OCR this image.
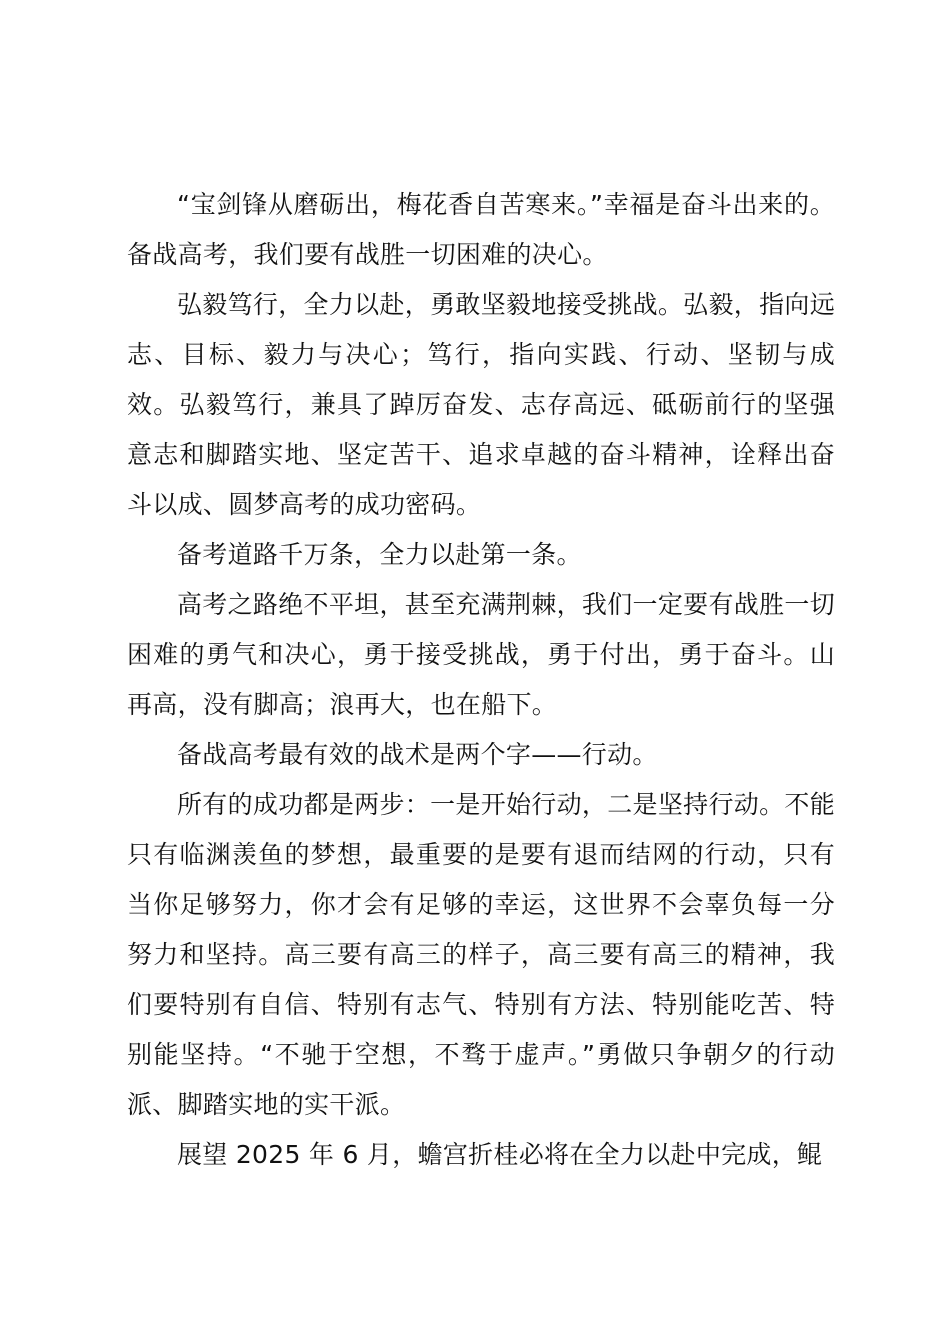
“宝剑锋从磨砺出，梅花香自苦寒来。”幸福是奋斗出来的。备战高考，我们要有战胜一切困难的决心。

弘毅笃行，全力以赴，勇敢坚毅地接受挑战。弘毅，指向远志、目标、毅力与决心；笃行，指向实践、行动、坚韧与成效。弘毅笃行，兼具了踔厉奋发、志存高远、砥砺前行的坚强意志和脚踏实地、坚定苦干、追求卓越的奋斗精神，诠释出奋斗以成、圆梦高考的成功密码。

备考道路千万条，全力以赴第一条。

高考之路绝不平坦，甚至充满荆棘，我们一定要有战胜一切困难的勇气和决心，勇于接受挑战，勇于付出，勇于奋斗。山再高，没有脚高；浪再大，也在船下。

备战高考最有效的战术是两个字——行动。

所有的成功都是两步：一是开始行动，二是坚持行动。不能只有临渊羡鱼的梦想，最重要的是要有退而结网的行动，只有当你足够努力，你才会有足够的幸运，这世界不会辜负每一分努力和坚持。高三要有高三的样子，高三要有高三的精神，我们要特别有自信、特别有志气、特别有方法、特别能吃苦、特别能坚持。“不驰于空想，不骛于虚声。”勇做只争朝夕的行动派、脚踏实地的实干派。

展望 2025 年 6 月，蟾宫折桂必将在全力以赴中完成，鲲
